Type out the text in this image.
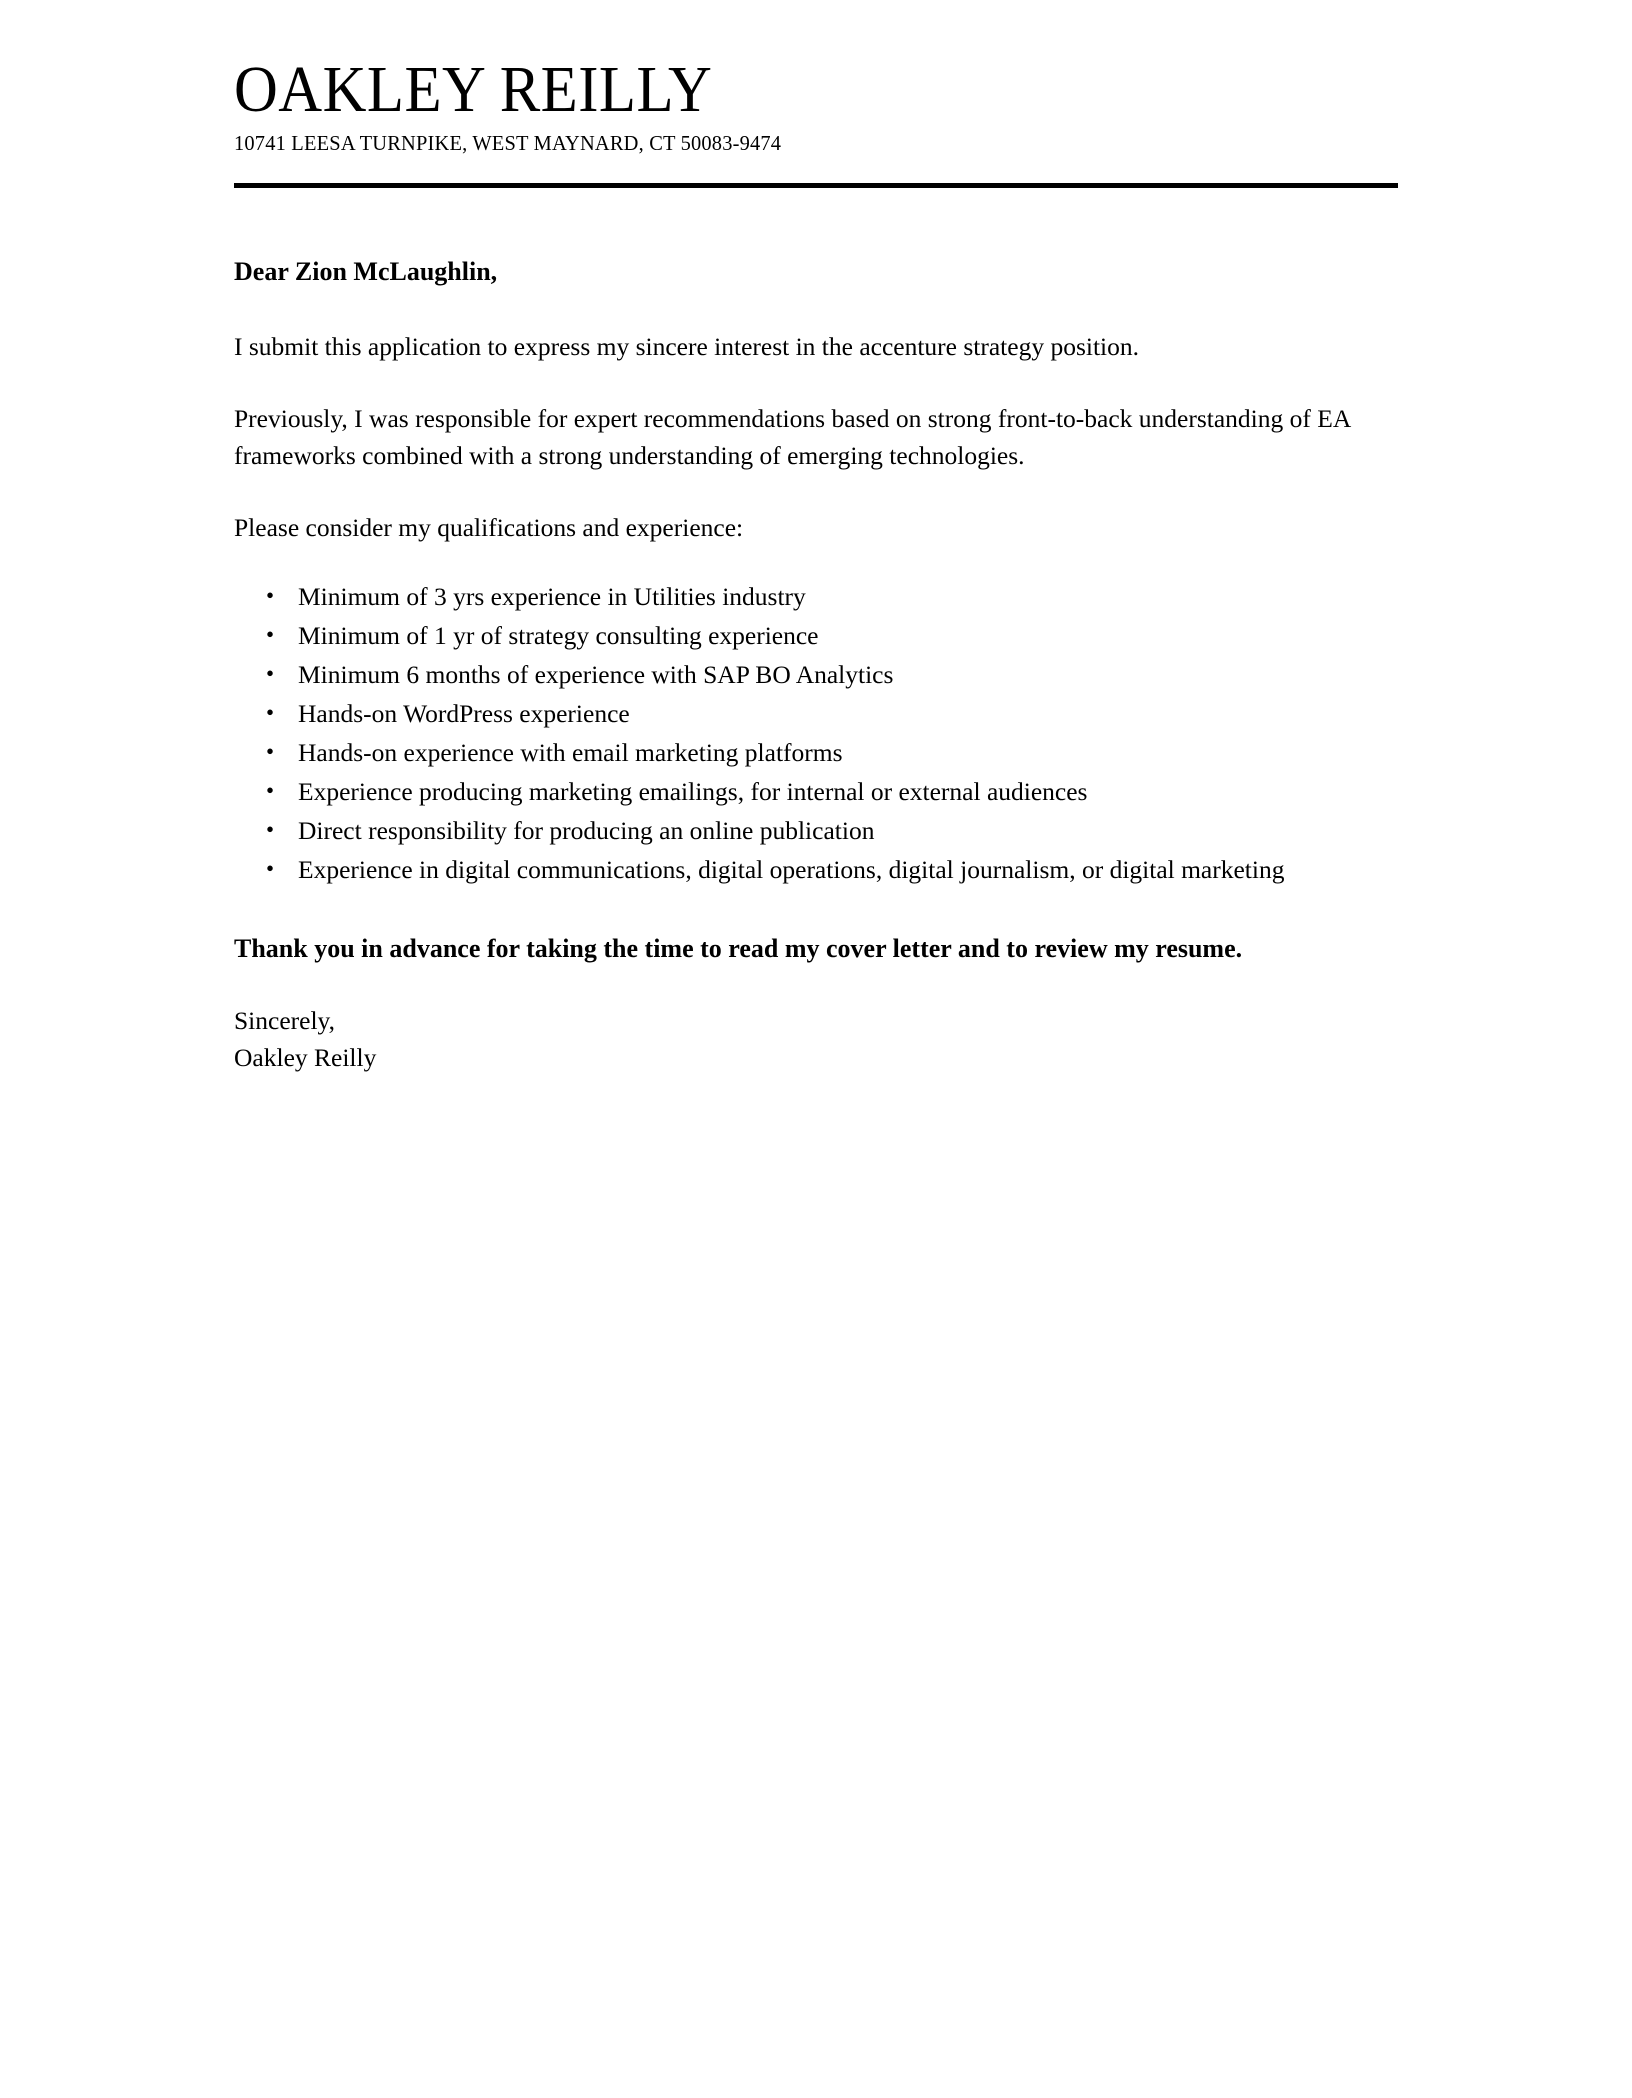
OAKLEY REILLY
10741 LEESA TURNPIKE, WEST MAYNARD, CT 50083-9474

Dear Zion McLaughlin,

I submit this application to express my sincere interest in the accenture strategy position.

Previously, I was responsible for expert recommendations based on strong front-to-back understanding of EA frameworks combined with a strong understanding of emerging technologies.

Please consider my qualifications and experience:

• Minimum of 3 yrs experience in Utilities industry
• Minimum of 1 yr of strategy consulting experience
• Minimum 6 months of experience with SAP BO Analytics
• Hands-on WordPress experience
• Hands-on experience with email marketing platforms
• Experience producing marketing emailings, for internal or external audiences
• Direct responsibility for producing an online publication
• Experience in digital communications, digital operations, digital journalism, or digital marketing

Thank you in advance for taking the time to read my cover letter and to review my resume.

Sincerely,
Oakley Reilly
